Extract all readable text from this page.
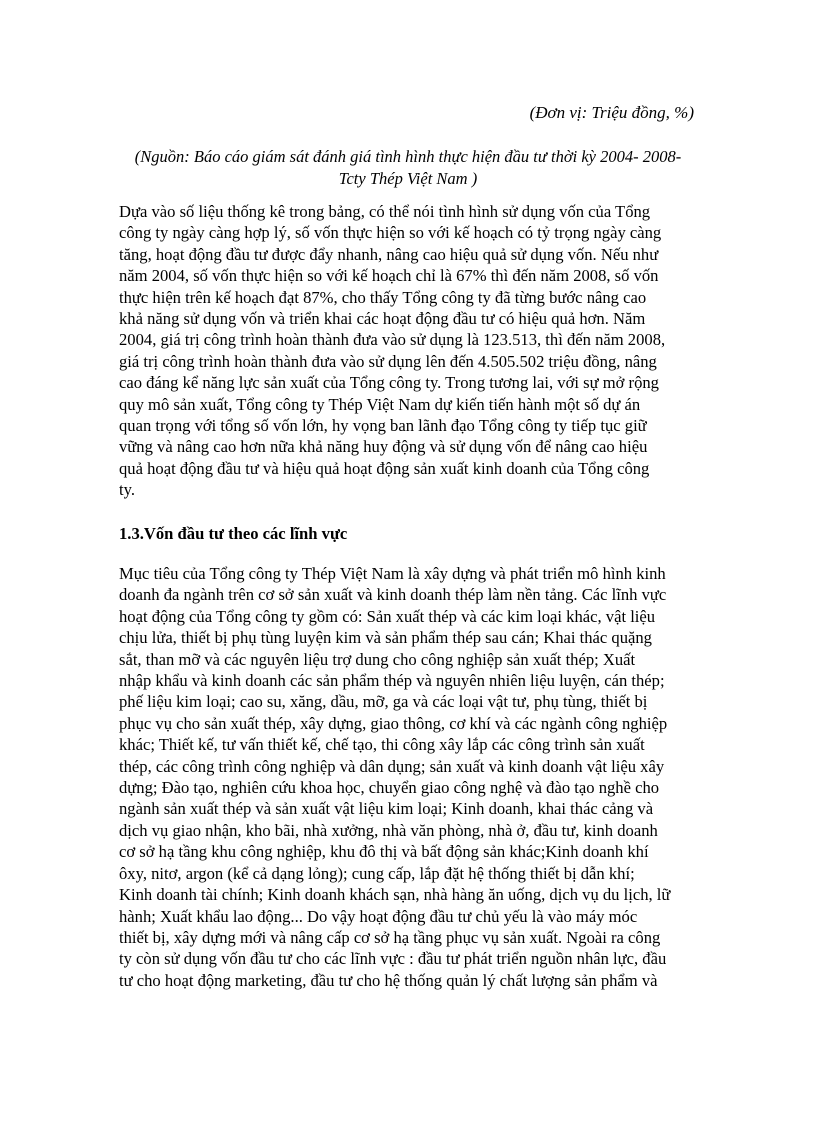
(Đơn vị: Triệu đồng, %)
(Nguồn: Báo cáo giám sát đánh giá tình hình thực hiện đầu tư thời kỳ 2004- 2008-
Tcty Thép Việt Nam )

Dựa vào số liệu thống kê trong bảng, có thể nói tình hình sử dụng vốn của Tổng
công ty ngày càng hợp lý, số vốn thực hiện so với kế hoạch có tỷ trọng ngày càng
tăng, hoạt động đầu tư được đẩy nhanh, nâng cao hiệu quả sử dụng vốn. Nếu như
năm 2004, số vốn thực hiện so với kế hoạch chỉ là 67% thì đến năm 2008, số vốn
thực hiện trên kế hoạch đạt 87%, cho thấy Tổng công ty đã từng bước nâng cao
khả năng sử dụng vốn và triển khai các hoạt động đầu tư có hiệu quả hơn. Năm
2004, giá trị công trình hoàn thành đưa vào sử dụng là 123.513, thì đến năm 2008,
giá trị công trình hoàn thành đưa vào sử dụng lên đến 4.505.502 triệu đồng, nâng
cao đáng kể năng lực sản xuất của Tổng công ty. Trong tương lai, với sự mở rộng
quy mô sản xuất, Tổng công ty Thép Việt Nam dự kiến tiến hành một số dự án
quan trọng với tổng số vốn lớn, hy vọng ban lãnh đạo Tổng công ty tiếp tục giữ
vững và nâng cao hơn nữa khả năng huy động và sử dụng vốn để nâng cao hiệu
quả hoạt động đầu tư và hiệu quả hoạt động sản xuất kinh doanh của Tổng công
ty.

1.3.Vốn đầu tư theo các lĩnh vực

Mục tiêu của Tổng công ty Thép Việt Nam là xây dựng và phát triển mô hình kinh
doanh đa ngành trên cơ sở sản xuất và kinh doanh thép làm nền tảng. Các lĩnh vực
hoạt động của Tổng công ty gồm có: Sản xuất thép và các kim loại khác, vật liệu
chịu lửa, thiết bị phụ tùng luyện kim và sản phẩm thép sau cán; Khai thác quặng
sắt, than mỡ và các nguyên liệu trợ dung cho công nghiệp sản xuất thép; Xuất
nhập khẩu và kinh doanh các sản phẩm thép và nguyên nhiên liệu luyện, cán thép;
phế liệu kim loại; cao su, xăng, dầu, mỡ, ga và các loại vật tư, phụ tùng, thiết bị
phục vụ cho sản xuất thép, xây dựng, giao thông, cơ khí và các ngành công nghiệp
khác; Thiết kế, tư vấn thiết kế, chế tạo, thi công xây lắp các công trình sản xuất
thép, các công trình công nghiệp và dân dụng; sản xuất và kinh doanh vật liệu xây
dựng; Đào tạo, nghiên cứu khoa học, chuyển giao công nghệ và đào tạo nghề cho
ngành sản xuất thép và sản xuất vật liệu kim loại; Kinh doanh, khai thác cảng và
dịch vụ giao nhận, kho bãi, nhà xưởng, nhà văn phòng, nhà ở, đầu tư, kinh doanh
cơ sở hạ tầng khu công nghiệp, khu đô thị và bất động sản khác;Kinh doanh khí
ôxy, nitơ, argon (kể cả dạng lỏng); cung cấp, lắp đặt hệ thống thiết bị dẫn khí;
Kinh doanh tài chính; Kinh doanh khách sạn, nhà hàng ăn uống, dịch vụ du lịch, lữ
hành; Xuất khẩu lao động... Do vậy hoạt động đầu tư chủ yếu là vào máy móc
thiết bị, xây dựng mới và nâng cấp cơ sở hạ tầng phục vụ sản xuất. Ngoài ra công
ty còn sử dụng vốn đầu tư cho các lĩnh vực : đầu tư phát triển nguồn nhân lực, đầu
tư cho hoạt động marketing, đầu tư cho hệ thống quản lý chất lượng sản phẩm và
